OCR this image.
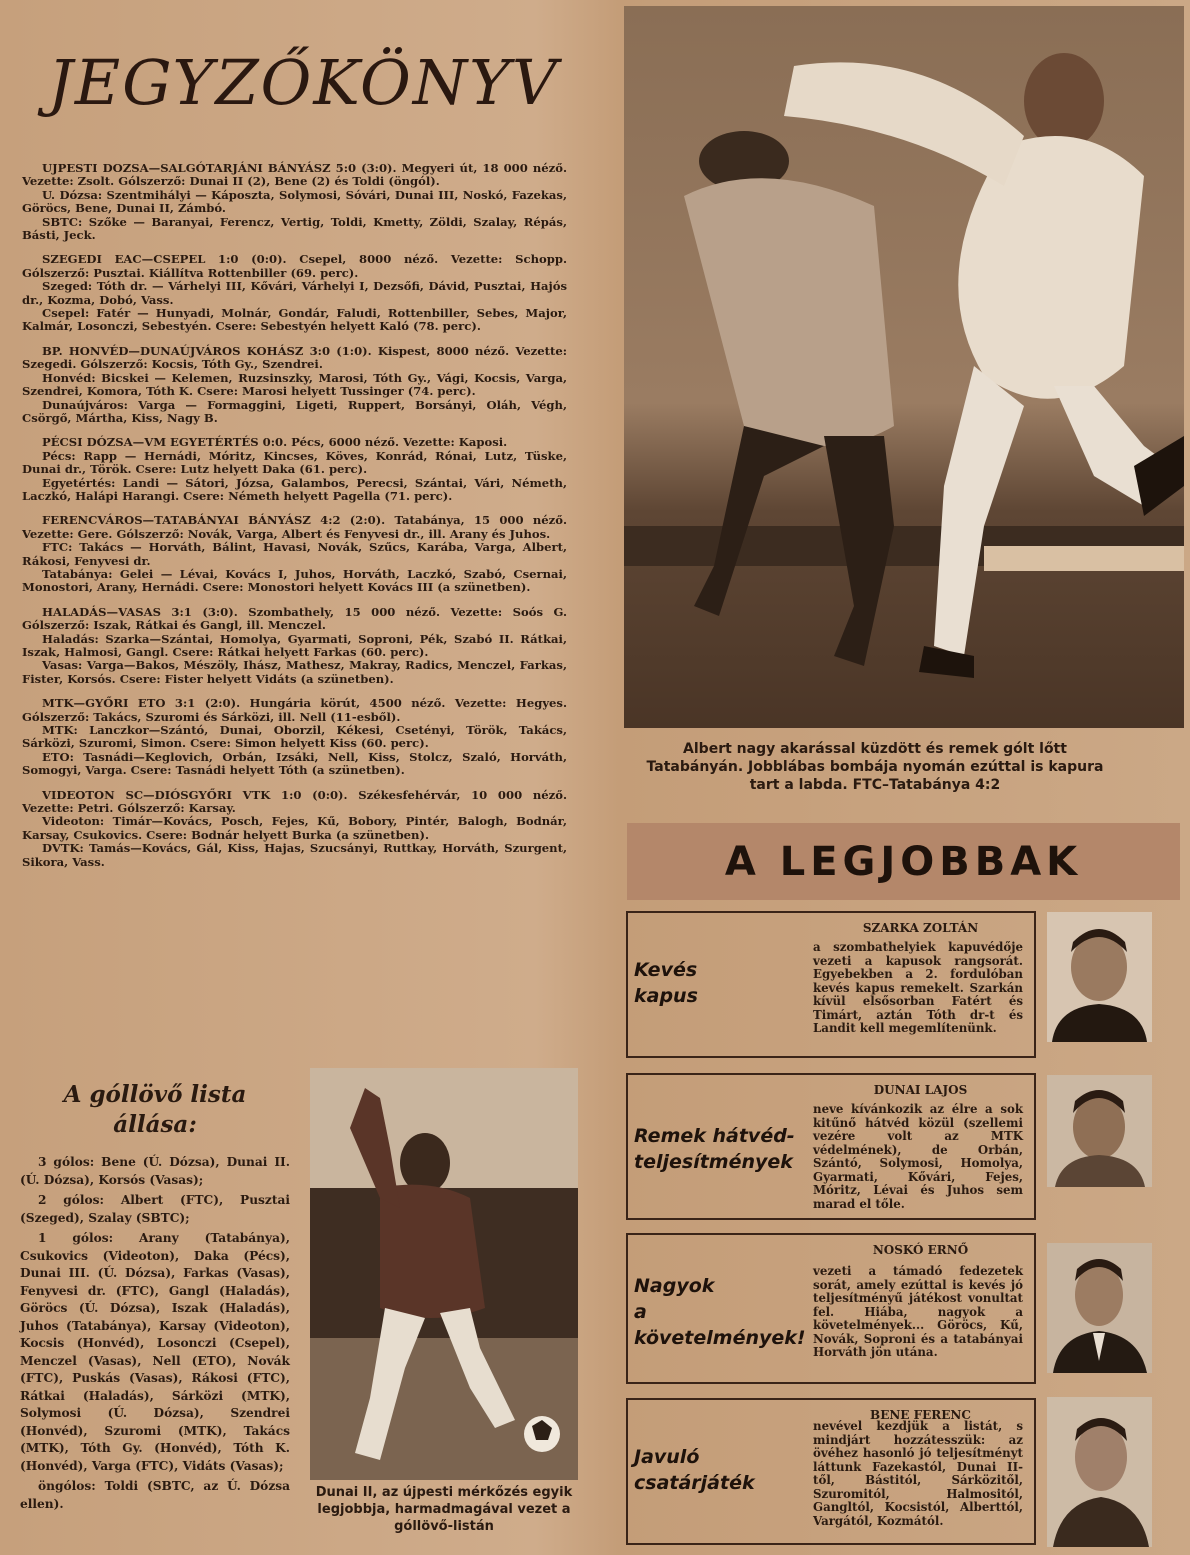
JEGYZŐKÖNYV

UJPESTI DOZSA—SALGÓTARJÁNI BÁNYÁSZ 5:0 (3:0). Megyeri út, 18 000 néző. Vezette: Zsolt. Gólszerző: Dunai II (2), Bene (2) és Toldi (öngól).

U. Dózsa: Szentmihályi — Káposzta, Solymosi, Sóvári, Dunai III, Noskó, Fazekas, Göröcs, Bene, Dunai II, Zámbó.

SBTC: Szőke — Baranyai, Ferencz, Vertig, Toldi, Kmetty, Zöldi, Szalay, Répás, Básti, Jeck.

SZEGEDI EAC—CSEPEL 1:0 (0:0). Csepel, 8000 néző. Vezette: Schopp. Gólszerző: Pusztai. Kiállítva Rottenbiller (69. perc).

Szeged: Tóth dr. — Várhelyi III, Kővári, Várhelyi I, Dezsőfi, Dávid, Pusztai, Hajós dr., Kozma, Dobó, Vass.

Csepel: Fatér — Hunyadi, Molnár, Gondár, Faludi, Rottenbiller, Sebes, Major, Kalmár, Losonczi, Sebestyén. Csere: Sebestyén helyett Kaló (78. perc).

BP. HONVÉD—DUNAÚJVÁROS KOHÁSZ 3:0 (1:0). Kispest, 8000 néző. Vezette: Szegedi. Gólszerző: Kocsis, Tóth Gy., Szendrei.

Honvéd: Bicskei — Kelemen, Ruzsinszky, Marosi, Tóth Gy., Vági, Kocsis, Varga, Szendrei, Komora, Tóth K. Csere: Marosi helyett Tussinger (74. perc).

Dunaújváros: Varga — Formaggini, Ligeti, Ruppert, Borsányi, Oláh, Végh, Csörgő, Mártha, Kiss, Nagy B.

PÉCSI DÓZSA—VM EGYETÉRTÉS 0:0. Pécs, 6000 néző. Vezette: Kaposi.

Pécs: Rapp — Hernádi, Móritz, Kincses, Köves, Konrád, Rónai, Lutz, Tüske, Dunai dr., Török. Csere: Lutz helyett Daka (61. perc).

Egyetértés: Landi — Sátori, Józsa, Galambos, Perecsi, Szántai, Vári, Németh, Laczkó, Halápi Harangi. Csere: Németh helyett Pagella (71. perc).

FERENCVÁROS—TATABÁNYAI BÁNYÁSZ 4:2 (2:0). Tatabánya, 15 000 néző. Vezette: Gere. Gólszerző: Novák, Varga, Albert és Fenyvesi dr., ill. Arany és Juhos.

FTC: Takács — Horváth, Bálint, Havasi, Novák, Szűcs, Karába, Varga, Albert, Rákosi, Fenyvesi dr.

Tatabánya: Gelei — Lévai, Kovács I, Juhos, Horváth, Laczkó, Szabó, Csernai, Monostori, Arany, Hernádi. Csere: Monostori helyett Kovács III (a szünetben).

HALADÁS—VASAS 3:1 (3:0). Szombathely, 15 000 néző. Vezette: Soós G. Gólszerző: Iszak, Rátkai és Gangl, ill. Menczel.

Haladás: Szarka—Szántai, Homolya, Gyarmati, Soproni, Pék, Szabó II. Rátkai, Iszak, Halmosi, Gangl. Csere: Rátkai helyett Farkas (60. perc).

Vasas: Varga—Bakos, Mészöly, Ihász, Mathesz, Makray, Radics, Menczel, Farkas, Fister, Korsós. Csere: Fister helyett Vidáts (a szünetben).

MTK—GYŐRI ETO 3:1 (2:0). Hungária körút, 4500 néző. Vezette: Hegyes. Gólszerző: Takács, Szuromi és Sárközi, ill. Nell (11-esből).

MTK: Lanczkor—Szántó, Dunai, Oborzil, Kékesi, Csetényi, Török, Takács, Sárközi, Szuromi, Simon. Csere: Simon helyett Kiss (60. perc).

ETO: Tasnádi—Keglovich, Orbán, Izsáki, Nell, Kiss, Stolcz, Szaló, Horváth, Somogyi, Varga. Csere: Tasnádi helyett Tóth (a szünetben).

VIDEOTON SC—DIÓSGYŐRI VTK 1:0 (0:0). Székesfehérvár, 10 000 néző. Vezette: Petri. Gólszerző: Karsay.

Videoton: Timár—Kovács, Posch, Fejes, Kű, Bobory, Pintér, Balogh, Bodnár, Karsay, Csukovics. Csere: Bodnár helyett Burka (a szünetben).

DVTK: Tamás—Kovács, Gál, Kiss, Hajas, Szucsányi, Ruttkay, Horváth, Szurgent, Sikora, Vass.

A góllövő lista
állása:

3 gólos: Bene (Ú. Dózsa), Dunai II. (Ú. Dózsa), Korsós (Vasas);

2 gólos: Albert (FTC), Pusztai (Szeged), Szalay (SBTC);

1 gólos: Arany (Tatabánya), Csukovics (Videoton), Daka (Pécs), Dunai III. (Ú. Dózsa), Farkas (Vasas), Fenyvesi dr. (FTC), Gangl (Haladás), Göröcs (Ú. Dózsa), Iszak (Haladás), Juhos (Tatabánya), Karsay (Videoton), Kocsis (Honvéd), Losonczi (Csepel), Menczel (Vasas), Nell (ETO), Novák (FTC), Puskás (Vasas), Rákosi (FTC), Rátkai (Haladás), Sárközi (MTK), Solymosi (Ú. Dózsa), Szendrei (Honvéd), Szuromi (MTK), Takács (MTK), Tóth Gy. (Honvéd), Tóth K. (Honvéd), Varga (FTC), Vidáts (Vasas);

öngólos: Toldi (SBTC, az Ú. Dózsa ellen).

Albert nagy akarással küzdött és remek gólt lőtt Tatabányán. Jobblábas bombája nyomán ezúttal is kapura tart a labda. FTC–Tatabánya 4:2
Dunai II, az újpesti mérkőzés egyik legjobbja, harmadmagával vezet a góllövő-listán
A LEGJOBBAK
Kevés
kapus
SZARKA ZOLTÁN
a szombathelyiek kapuvédője vezeti a kapusok rangsorát. Egyebekben a 2. fordulóban kevés kapus remekelt. Szarkán kívül elsősorban Fatért és Timárt, aztán Tóth dr-t és Landit kell megemlítenünk.
Remek hátvéd-
teljesítmények
DUNAI LAJOS
neve kívánkozik az élre a sok kitűnő hátvéd közül (szellemi vezére volt az MTK védelmének), de Orbán, Szántó, Solymosi, Homolya, Gyarmati, Kővári, Fejes, Móritz, Lévai és Juhos sem marad el tőle.
Nagyok
a
követelmények!
NOSKÓ ERNŐ
vezeti a támadó fedezetek sorát, amely ezúttal is kevés jó teljesítményű játékost vonultat fel. Hiába, nagyok a követelmények... Göröcs, Kű, Novák, Soproni és a tatabányai Horváth jön utána.
Javuló
csatárjáték
BENE FERENC
nevével kezdjük a listát, s mindjárt hozzátesszük: az övéhez hasonló jó teljesítményt láttunk Fazekastól, Dunai II-től, Bástitól, Sárközitől, Szuromitól, Halmositól, Gangltól, Kocsistól, Alberttól, Vargától, Kozmától.
